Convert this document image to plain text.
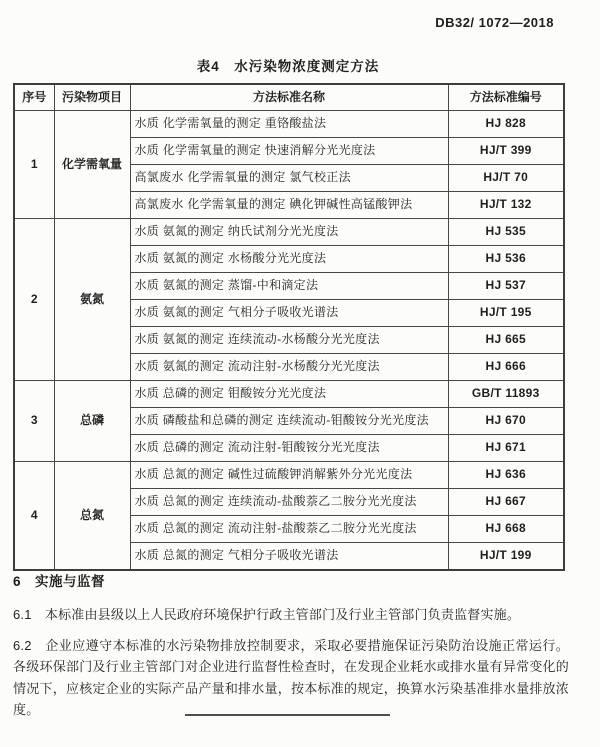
DB32/ 1072—2018
表4　水污染物浓度测定方法
序号	污染物项目	方法标准名称	方法标准编号
1	化学需氧量	水质 化学需氧量的测定 重铬酸盐法	HJ 828
		水质 化学需氧量的测定 快速消解分光光度法	HJ/T 399
		高氯废水 化学需氧量的测定 氯气校正法	HJ/T 70
		高氯废水 化学需氧量的测定 碘化钾碱性高锰酸钾法	HJ/T 132
2	氨氮	水质 氨氮的测定 纳氏试剂分光光度法	HJ 535
		水质 氨氮的测定 水杨酸分光光度法	HJ 536
		水质 氨氮的测定 蒸馏-中和滴定法	HJ 537
		水质 氨氮的测定 气相分子吸收光谱法	HJ/T 195
		水质 氨氮的测定 连续流动-水杨酸分光光度法	HJ 665
		水质 氨氮的测定 流动注射-水杨酸分光光度法	HJ 666
3	总磷	水质 总磷的测定 钼酸铵分光光度法	GB/T 11893
		水质 磷酸盐和总磷的测定 连续流动-钼酸铵分光光度法	HJ 670
		水质 总磷的测定 流动注射-钼酸铵分光光度法	HJ 671
4	总氮	水质 总氮的测定 碱性过硫酸钾消解紫外分光光度法	HJ 636
		水质 总氮的测定 连续流动-盐酸萘乙二胺分光光度法	HJ 667
		水质 总氮的测定 流动注射-盐酸萘乙二胺分光光度法	HJ 668
		水质 总氮的测定 气相分子吸收光谱法	HJ/T 199
6　实施与监督

6.1　本标准由县级以上人民政府环境保护行政主管部门及行业主管部门负责监督实施。

6.2　企业应遵守本标准的水污染物排放控制要求，采取必要措施保证污染防治设施正常运行。各级环保部门及行业主管部门对企业进行监督性检查时，在发现企业耗水或排水量有异常变化的情况下，应核定企业的实际产品产量和排水量，按本标准的规定，换算水污染基准排水量排放浓度。
